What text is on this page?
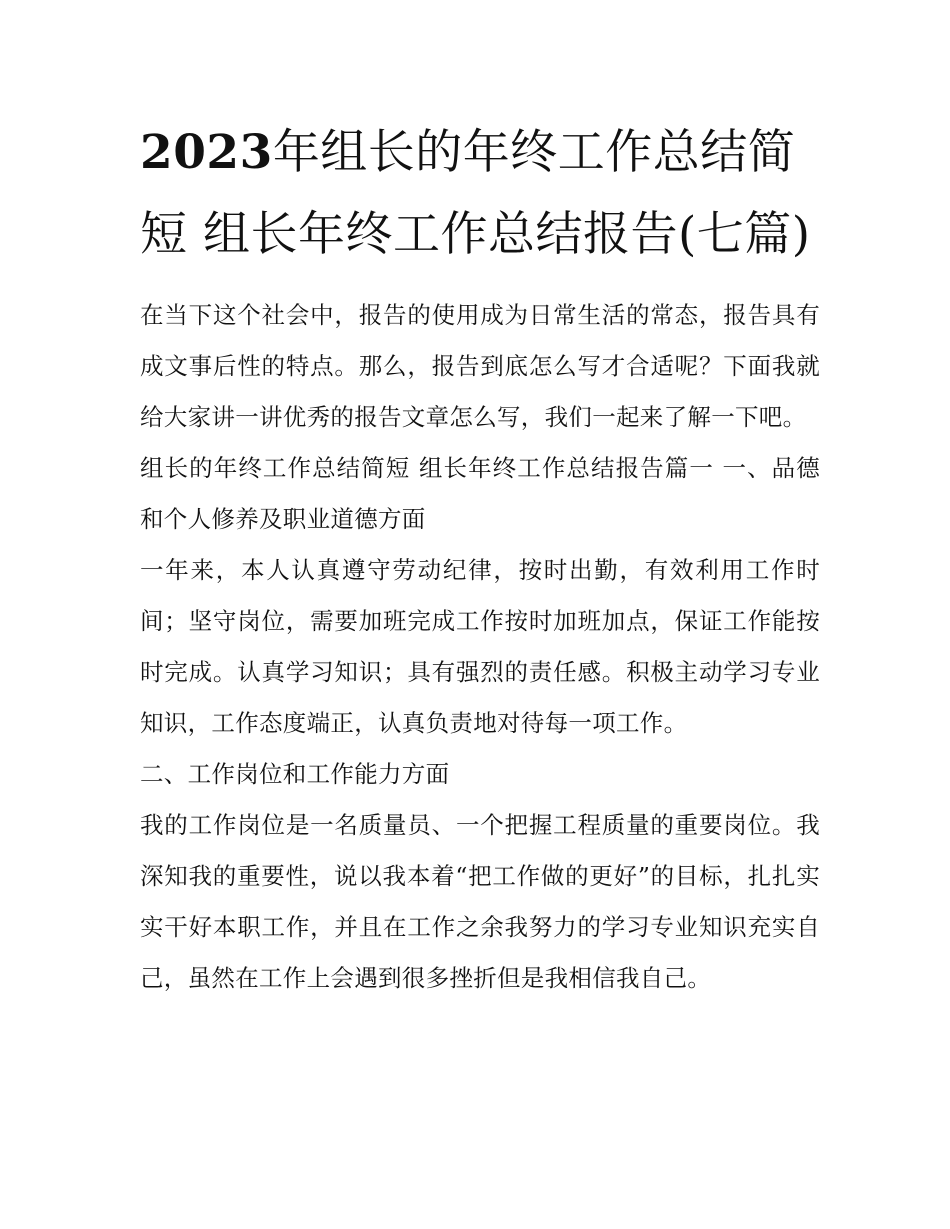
2023年组长的年终工作总结简短 组长年终工作总结报告(七篇)

在当下这个社会中，报告的使用成为日常生活的常态，报告具有成文事后性的特点。那么，报告到底怎么写才合适呢？下面我就给大家讲一讲优秀的报告文章怎么写，我们一起来了解一下吧。

组长的年终工作总结简短 组长年终工作总结报告篇一 一、品德和个人修养及职业道德方面

一年来，本人认真遵守劳动纪律，按时出勤，有效利用工作时间；坚守岗位，需要加班完成工作按时加班加点，保证工作能按时完成。认真学习知识；具有强烈的责任感。积极主动学习专业知识，工作态度端正，认真负责地对待每一项工作。

二、工作岗位和工作能力方面

我的工作岗位是一名质量员、一个把握工程质量的重要岗位。我深知我的重要性，说以我本着“把工作做的更好”的目标，扎扎实实干好本职工作，并且在工作之余我努力的学习专业知识充实自己，虽然在工作上会遇到很多挫折但是我相信我自己。
